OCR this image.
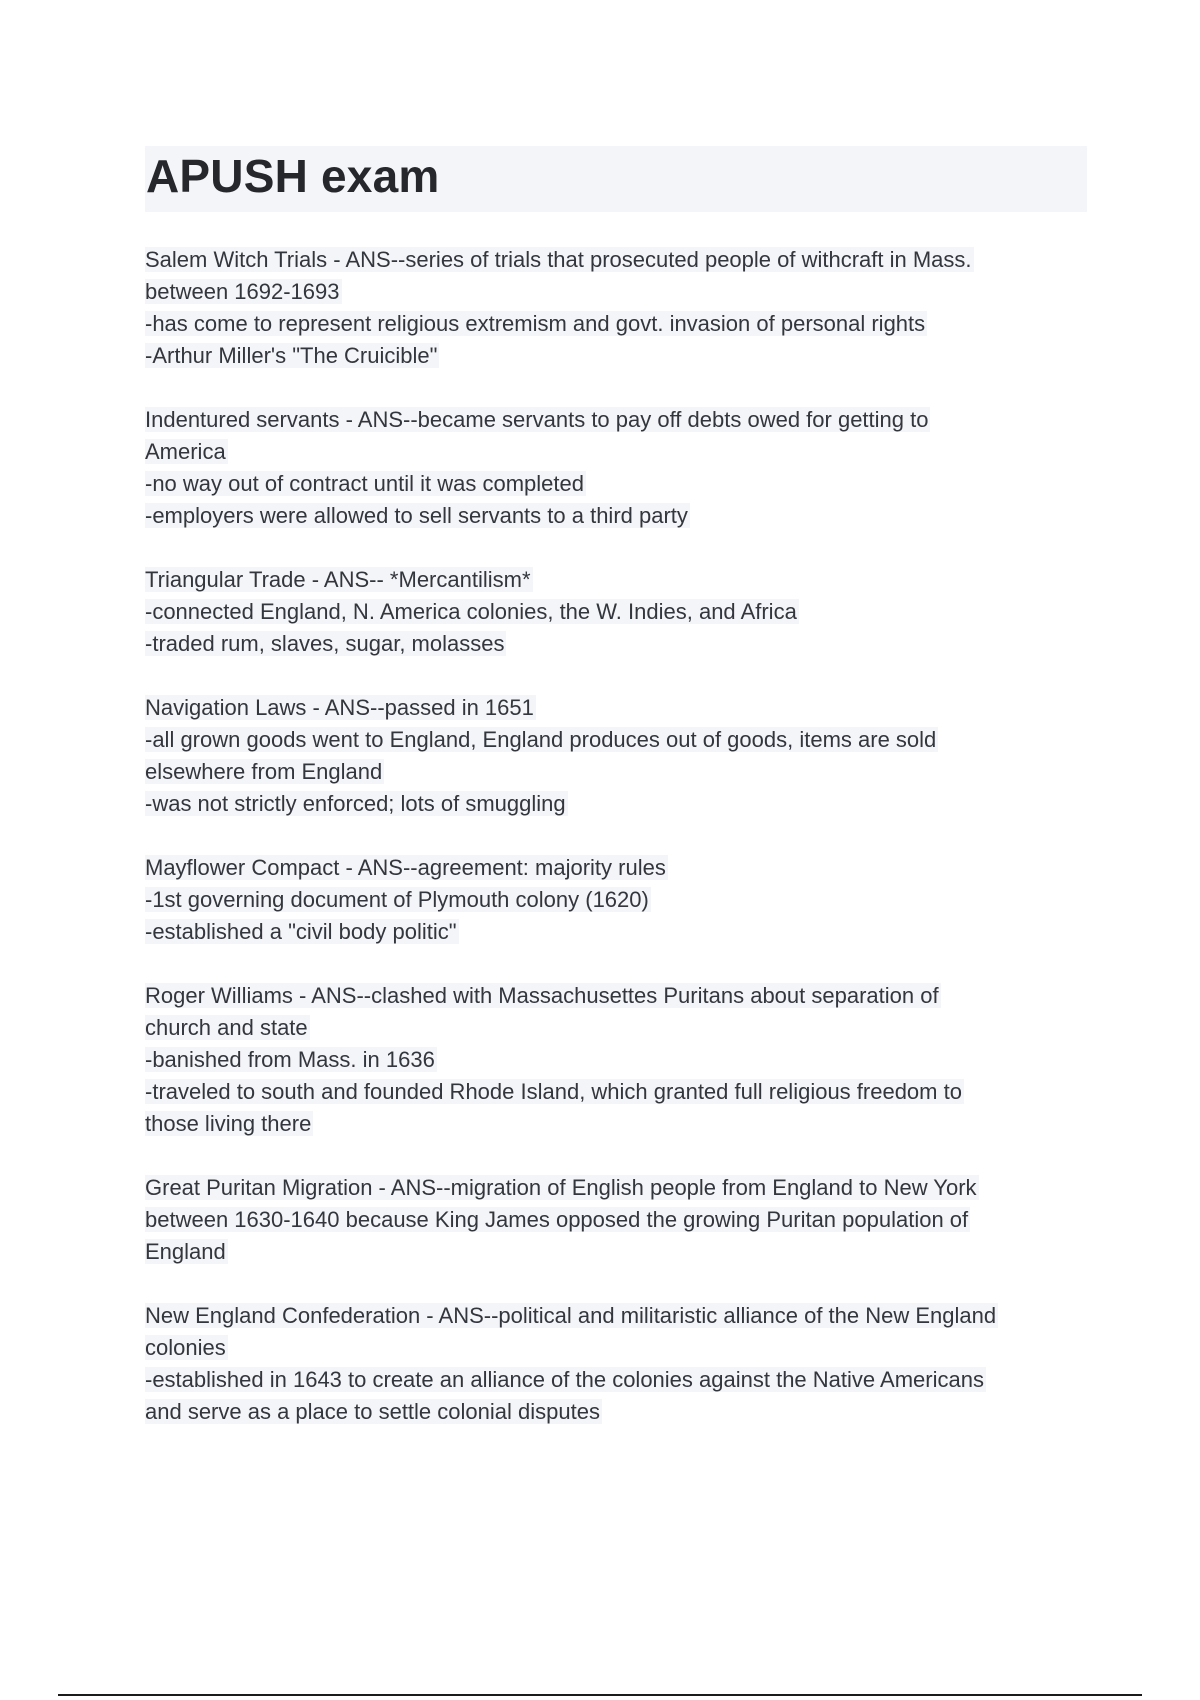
APUSH exam
Salem Witch Trials - ANS--series of trials that prosecuted people of withcraft in Mass.
between 1692-1693
-has come to represent religious extremism and govt. invasion of personal rights
-Arthur Miller's "The Cruicible"
Indentured servants - ANS--became servants to pay off debts owed for getting to
America
-no way out of contract until it was completed
-employers were allowed to sell servants to a third party
Triangular Trade - ANS-- *Mercantilism*
-connected England, N. America colonies, the W. Indies, and Africa
-traded rum, slaves, sugar, molasses
Navigation Laws - ANS--passed in 1651
-all grown goods went to England, England produces out of goods, items are sold
elsewhere from England
-was not strictly enforced; lots of smuggling
Mayflower Compact - ANS--agreement: majority rules
-1st governing document of Plymouth colony (1620)
-established a "civil body politic"
Roger Williams - ANS--clashed with Massachusettes Puritans about separation of
church and state
-banished from Mass. in 1636
-traveled to south and founded Rhode Island, which granted full religious freedom to
those living there
Great Puritan Migration - ANS--migration of English people from England to New York
between 1630-1640 because King James opposed the growing Puritan population of
England
New England Confederation - ANS--political and militaristic alliance of the New England
colonies
-established in 1643 to create an alliance of the colonies against the Native Americans
and serve as a place to settle colonial disputes
